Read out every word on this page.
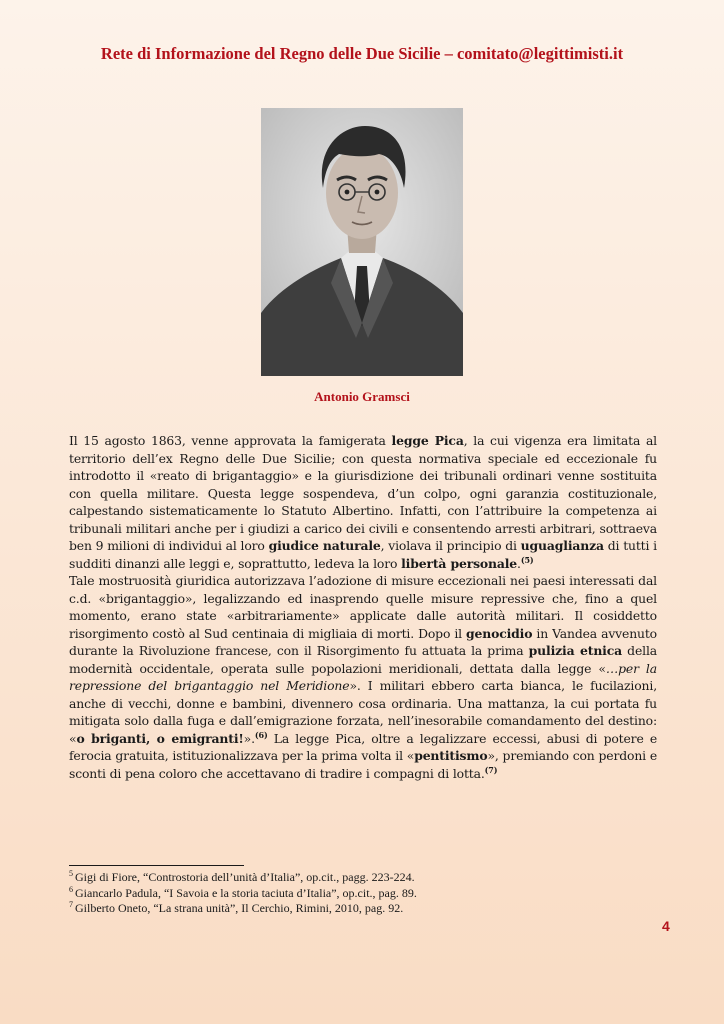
Rete di Informazione del Regno delle Due Sicilie – comitato@legittimisti.it
Antonio Gramsci

Il 15 agosto 1863, venne approvata la famigerata legge Pica, la cui vigenza era limitata al territorio dell’ex Regno delle Due Sicilie; con questa normativa speciale ed eccezionale fu introdotto il «reato di brigantaggio» e la giurisdizione dei tribunali ordinari venne sostituita con quella militare. Questa legge sospendeva, d’un colpo, ogni garanzia costituzionale, calpestando sistematicamente lo Statuto Albertino. Infatti, con l’attribuire la competenza ai tribunali militari anche per i giudizi a carico dei civili e consentendo arresti arbitrari, sottraeva ben 9 milioni di individui al loro giudice naturale, violava il principio di uguaglianza di tutti i sudditi dinanzi alle leggi e, soprattutto, ledeva la loro libertà personale.$^{(5)}$

Tale mostruosità giuridica autorizzava l’adozione di misure eccezionali nei paesi interessati dal c.d. «brigantaggio», legalizzando ed inasprendo quelle misure repressive che, fino a quel momento, erano state «arbitrariamente» applicate dalle autorità militari. Il cosiddetto risorgimento costò al Sud centinaia di migliaia di morti. Dopo il genocidio in Vandea avvenuto durante la Rivoluzione francese, con il Risorgimento fu attuata la prima pulizia etnica della modernità occidentale, operata sulle popolazioni meridionali, dettata dalla legge «…per la repressione del brigantaggio nel Meridione». I militari ebbero carta bianca, le fucilazioni, anche di vecchi, donne e bambini, divennero cosa ordinaria. Una mattanza, la cui portata fu mitigata solo dalla fuga e dall’emigrazione forzata, nell’inesorabile comandamento del destino: «o briganti, o emigranti!».$^{(6)}$ La legge Pica, oltre a legalizzare eccessi, abusi di potere e ferocia gratuita, istituzionalizzava per la prima volta il «pentitismo», premiando con perdoni e sconti di pena coloro che accettavano di tradire i compagni di lotta.$^{(7)}$

$^5$ Gigi di Fiore, “Controstoria dell’unità d’Italia”, op.cit., pagg. 223-224.
$^6$ Giancarlo Padula, “I Savoia e la storia taciuta d’Italia”, op.cit., pag. 89.
$^7$ Gilberto Oneto, “La strana unità”, Il Cerchio, Rimini, 2010, pag. 92.
4
